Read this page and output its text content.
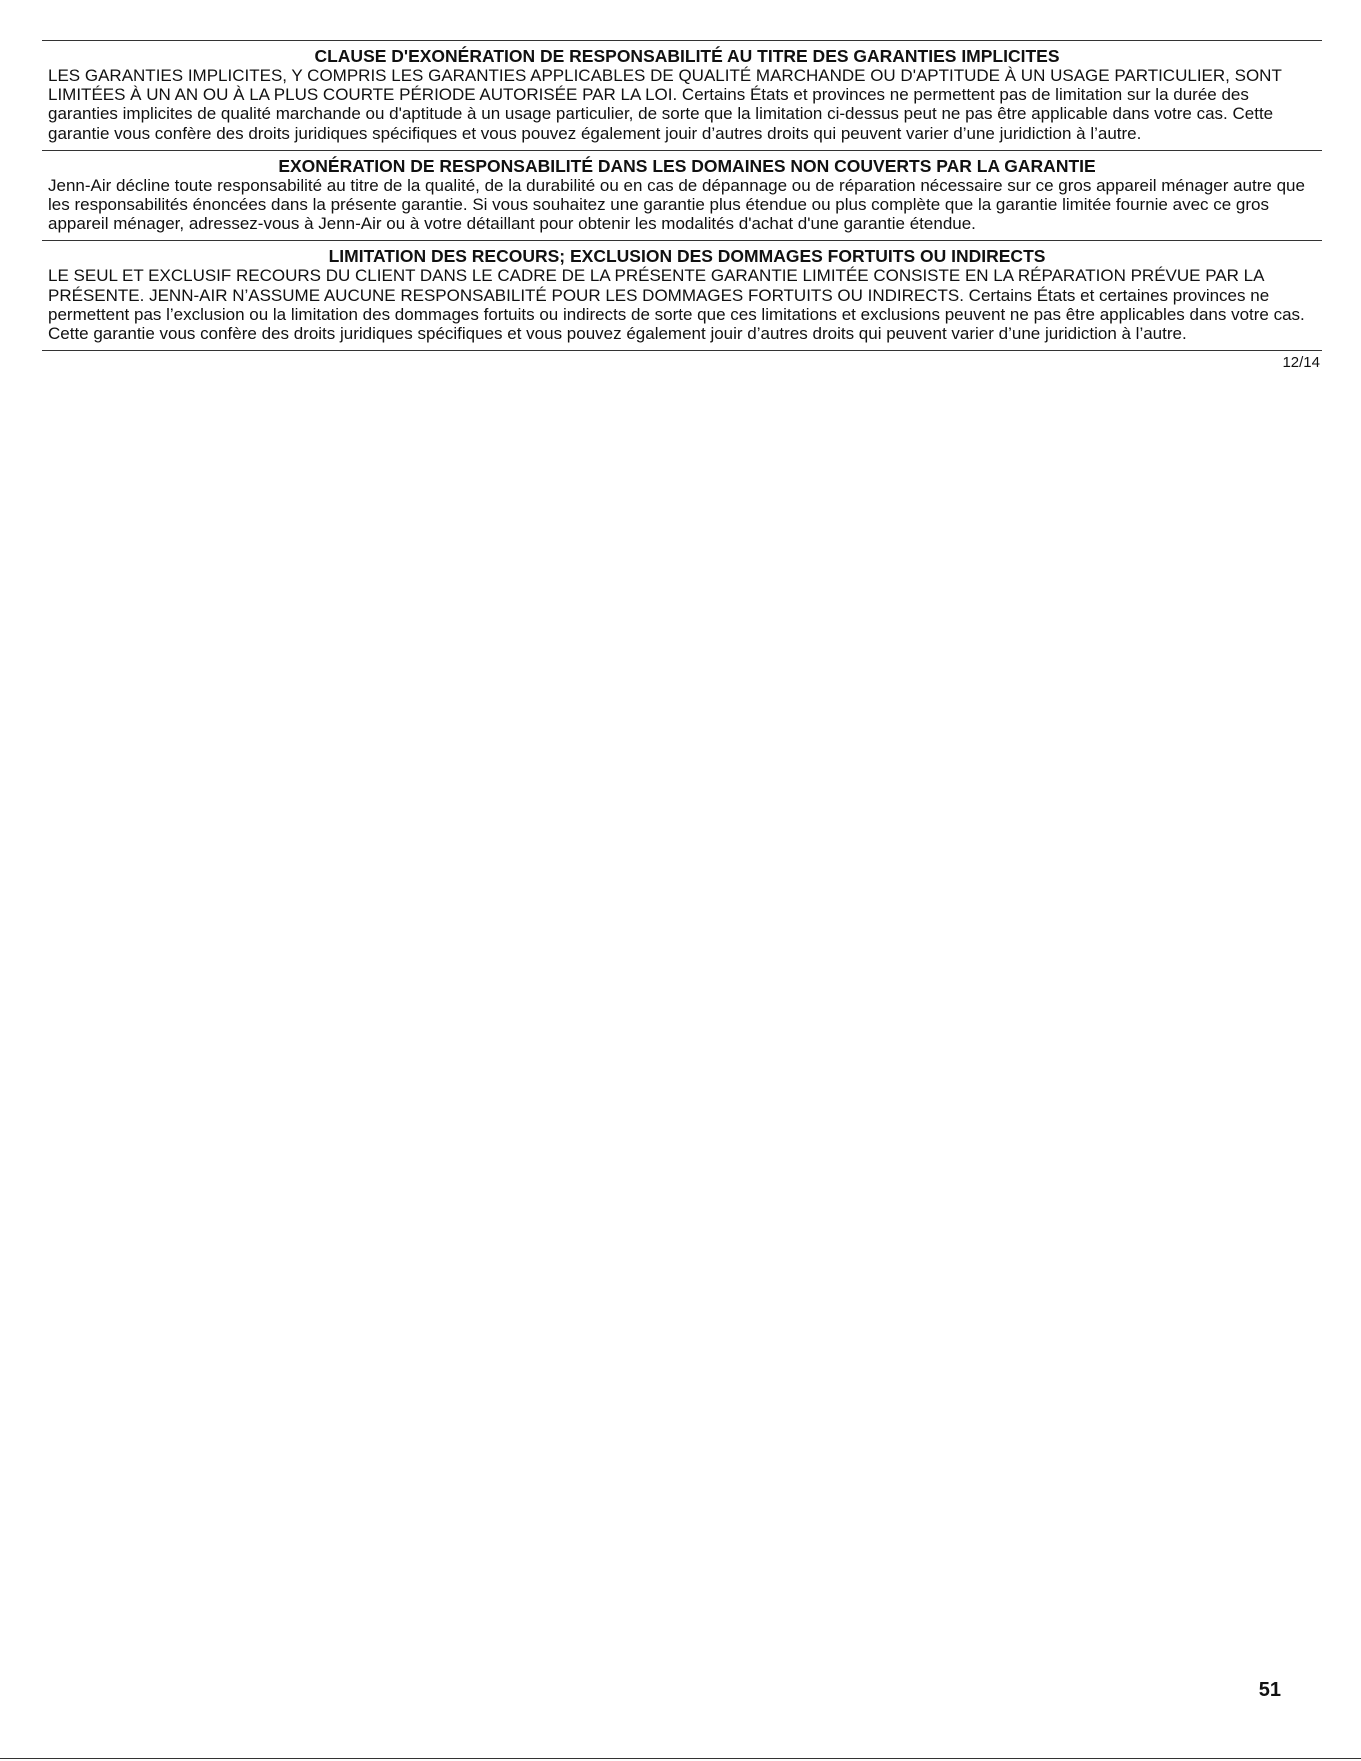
CLAUSE D'EXONÉRATION DE RESPONSABILITÉ AU TITRE DES GARANTIES IMPLICITES

LES GARANTIES IMPLICITES, Y COMPRIS LES GARANTIES APPLICABLES DE QUALITÉ MARCHANDE OU D'APTITUDE À UN USAGE PARTICULIER, SONT LIMITÉES À UN AN OU À LA PLUS COURTE PÉRIODE AUTORISÉE PAR LA LOI. Certains États et provinces ne permettent pas de limitation sur la durée des garanties implicites de qualité marchande ou d'aptitude à un usage particulier, de sorte que la limitation ci-dessus peut ne pas être applicable dans votre cas. Cette garantie vous confère des droits juridiques spécifiques et vous pouvez également jouir d’autres droits qui peuvent varier d’une juridiction à l’autre.

EXONÉRATION DE RESPONSABILITÉ DANS LES DOMAINES NON COUVERTS PAR LA GARANTIE

Jenn-Air décline toute responsabilité au titre de la qualité, de la durabilité ou en cas de dépannage ou de réparation nécessaire sur ce gros appareil ménager autre que les responsabilités énoncées dans la présente garantie. Si vous souhaitez une garantie plus étendue ou plus complète que la garantie limitée fournie avec ce gros appareil ménager, adressez-vous à Jenn-Air ou à votre détaillant pour obtenir les modalités d'achat d'une garantie étendue.

LIMITATION DES RECOURS; EXCLUSION DES DOMMAGES FORTUITS OU INDIRECTS

LE SEUL ET EXCLUSIF RECOURS DU CLIENT DANS LE CADRE DE LA PRÉSENTE GARANTIE LIMITÉE CONSISTE EN LA RÉPARATION PRÉVUE PAR LA PRÉSENTE. JENN-AIR N’ASSUME AUCUNE RESPONSABILITÉ POUR LES DOMMAGES FORTUITS OU INDIRECTS. Certains États et certaines provinces ne permettent pas l’exclusion ou la limitation des dommages fortuits ou indirects de sorte que ces limitations et exclusions peuvent ne pas être applicables dans votre cas. Cette garantie vous confère des droits juridiques spécifiques et vous pouvez également jouir d’autres droits qui peuvent varier d’une juridiction à l’autre.

12/14
51
